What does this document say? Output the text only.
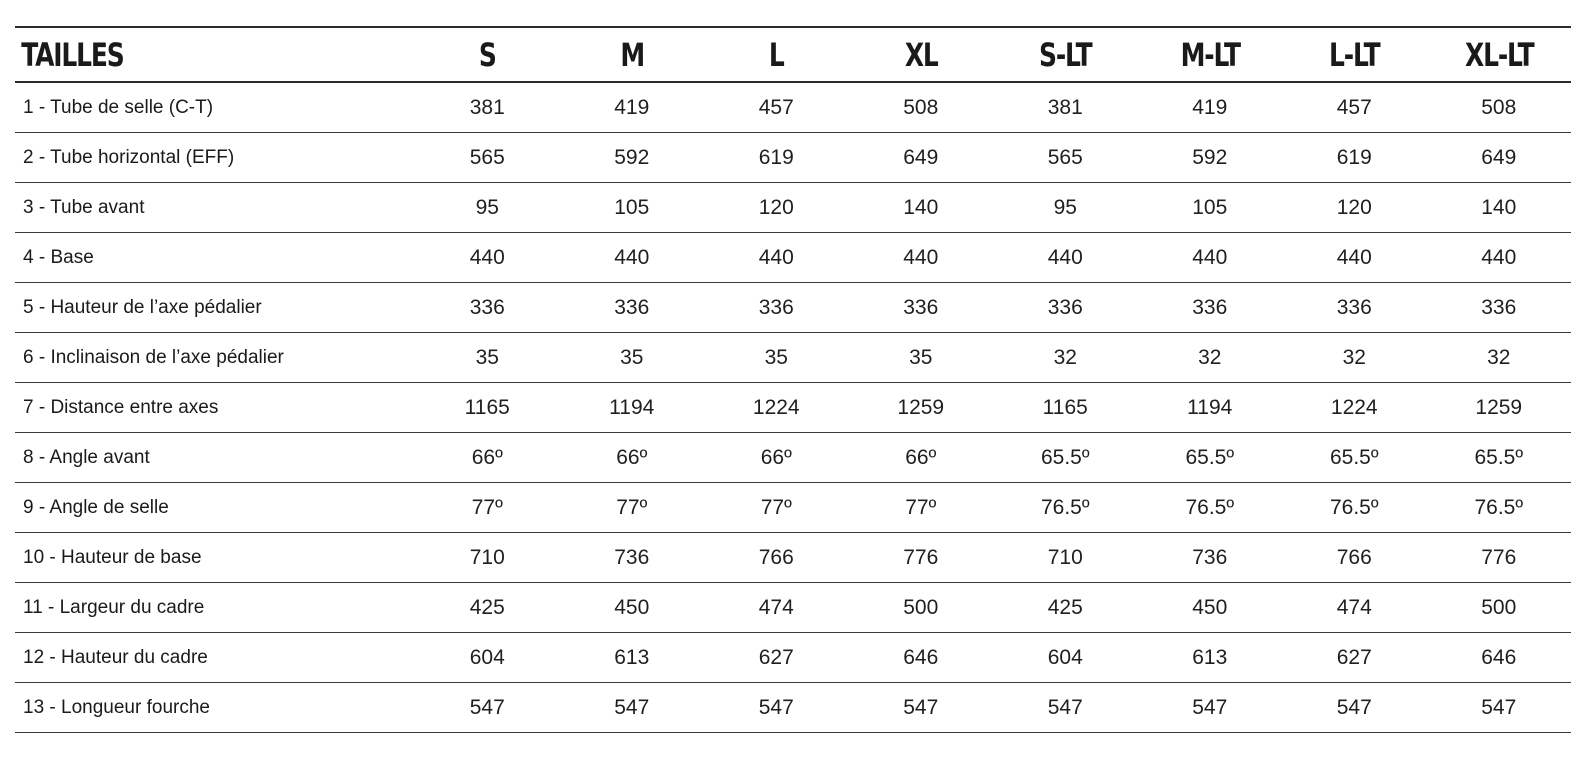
TAILLES	S	M	L	XL	S-LT	M-LT	L-LT	XL-LT
1 - Tube de selle (C-T)	381	419	457	508	381	419	457	508
2 - Tube horizontal (EFF)	565	592	619	649	565	592	619	649
3 - Tube avant	95	105	120	140	95	105	120	140
4 - Base	440	440	440	440	440	440	440	440
5 - Hauteur de l’axe pédalier	336	336	336	336	336	336	336	336
6 - Inclinaison de l’axe pédalier	35	35	35	35	32	32	32	32
7 - Distance entre axes	1165	1194	1224	1259	1165	1194	1224	1259
8 - Angle avant	66º	66º	66º	66º	65.5º	65.5º	65.5º	65.5º
9 - Angle de selle	77º	77º	77º	77º	76.5º	76.5º	76.5º	76.5º
10 - Hauteur de base	710	736	766	776	710	736	766	776
11 - Largeur du cadre	425	450	474	500	425	450	474	500
12 - Hauteur du cadre	604	613	627	646	604	613	627	646
13 - Longueur fourche	547	547	547	547	547	547	547	547
